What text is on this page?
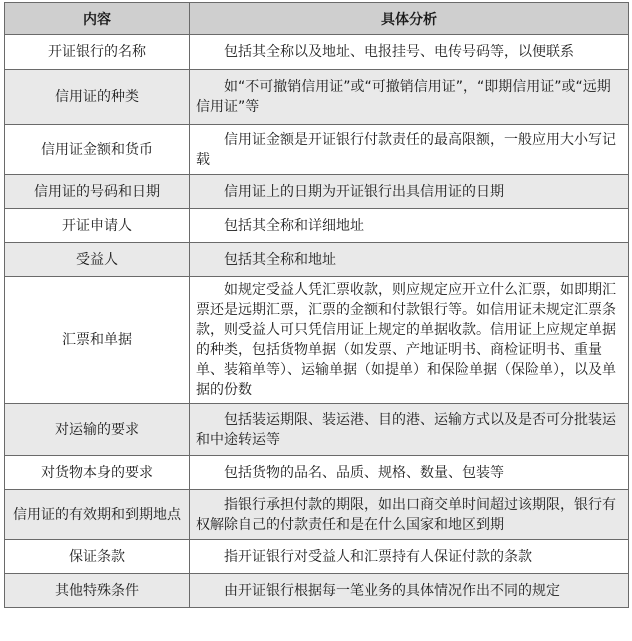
内容	具体分析
开证银行的名称	包括其全称以及地址、电报挂号、电传号码等，以便联系
信用证的种类	如“不可撤销信用证”或“可撤销信用证”，“即期信用证”或“远期信用证”等
信用证金额和货币	信用证金额是开证银行付款责任的最高限额，一般应用大小写记载
信用证的号码和日期	信用证上的日期为开证银行出具信用证的日期
开证申请人	包括其全称和详细地址
受益人	包括其全称和地址
汇票和单据	如规定受益人凭汇票收款，则应规定应开立什么汇票，如即期汇票还是远期汇票，汇票的金额和付款银行等。如信用证未规定汇票条款，则受益人可只凭信用证上规定的单据收款。信用证上应规定单据的种类，包括货物单据（如发票、产地证明书、商检证明书、重量单、装箱单等）、运输单据（如提单）和保险单据（保险单），以及单据的份数
对运输的要求	包括装运期限、装运港、目的港、运输方式以及是否可分批装运和中途转运等
对货物本身的要求	包括货物的品名、品质、规格、数量、包装等
信用证的有效期和到期地点	指银行承担付款的期限，如出口商交单时间超过该期限，银行有权解除自己的付款责任和是在什么国家和地区到期
保证条款	指开证银行对受益人和汇票持有人保证付款的条款
其他特殊条件	由开证银行根据每一笔业务的具体情况作出不同的规定
